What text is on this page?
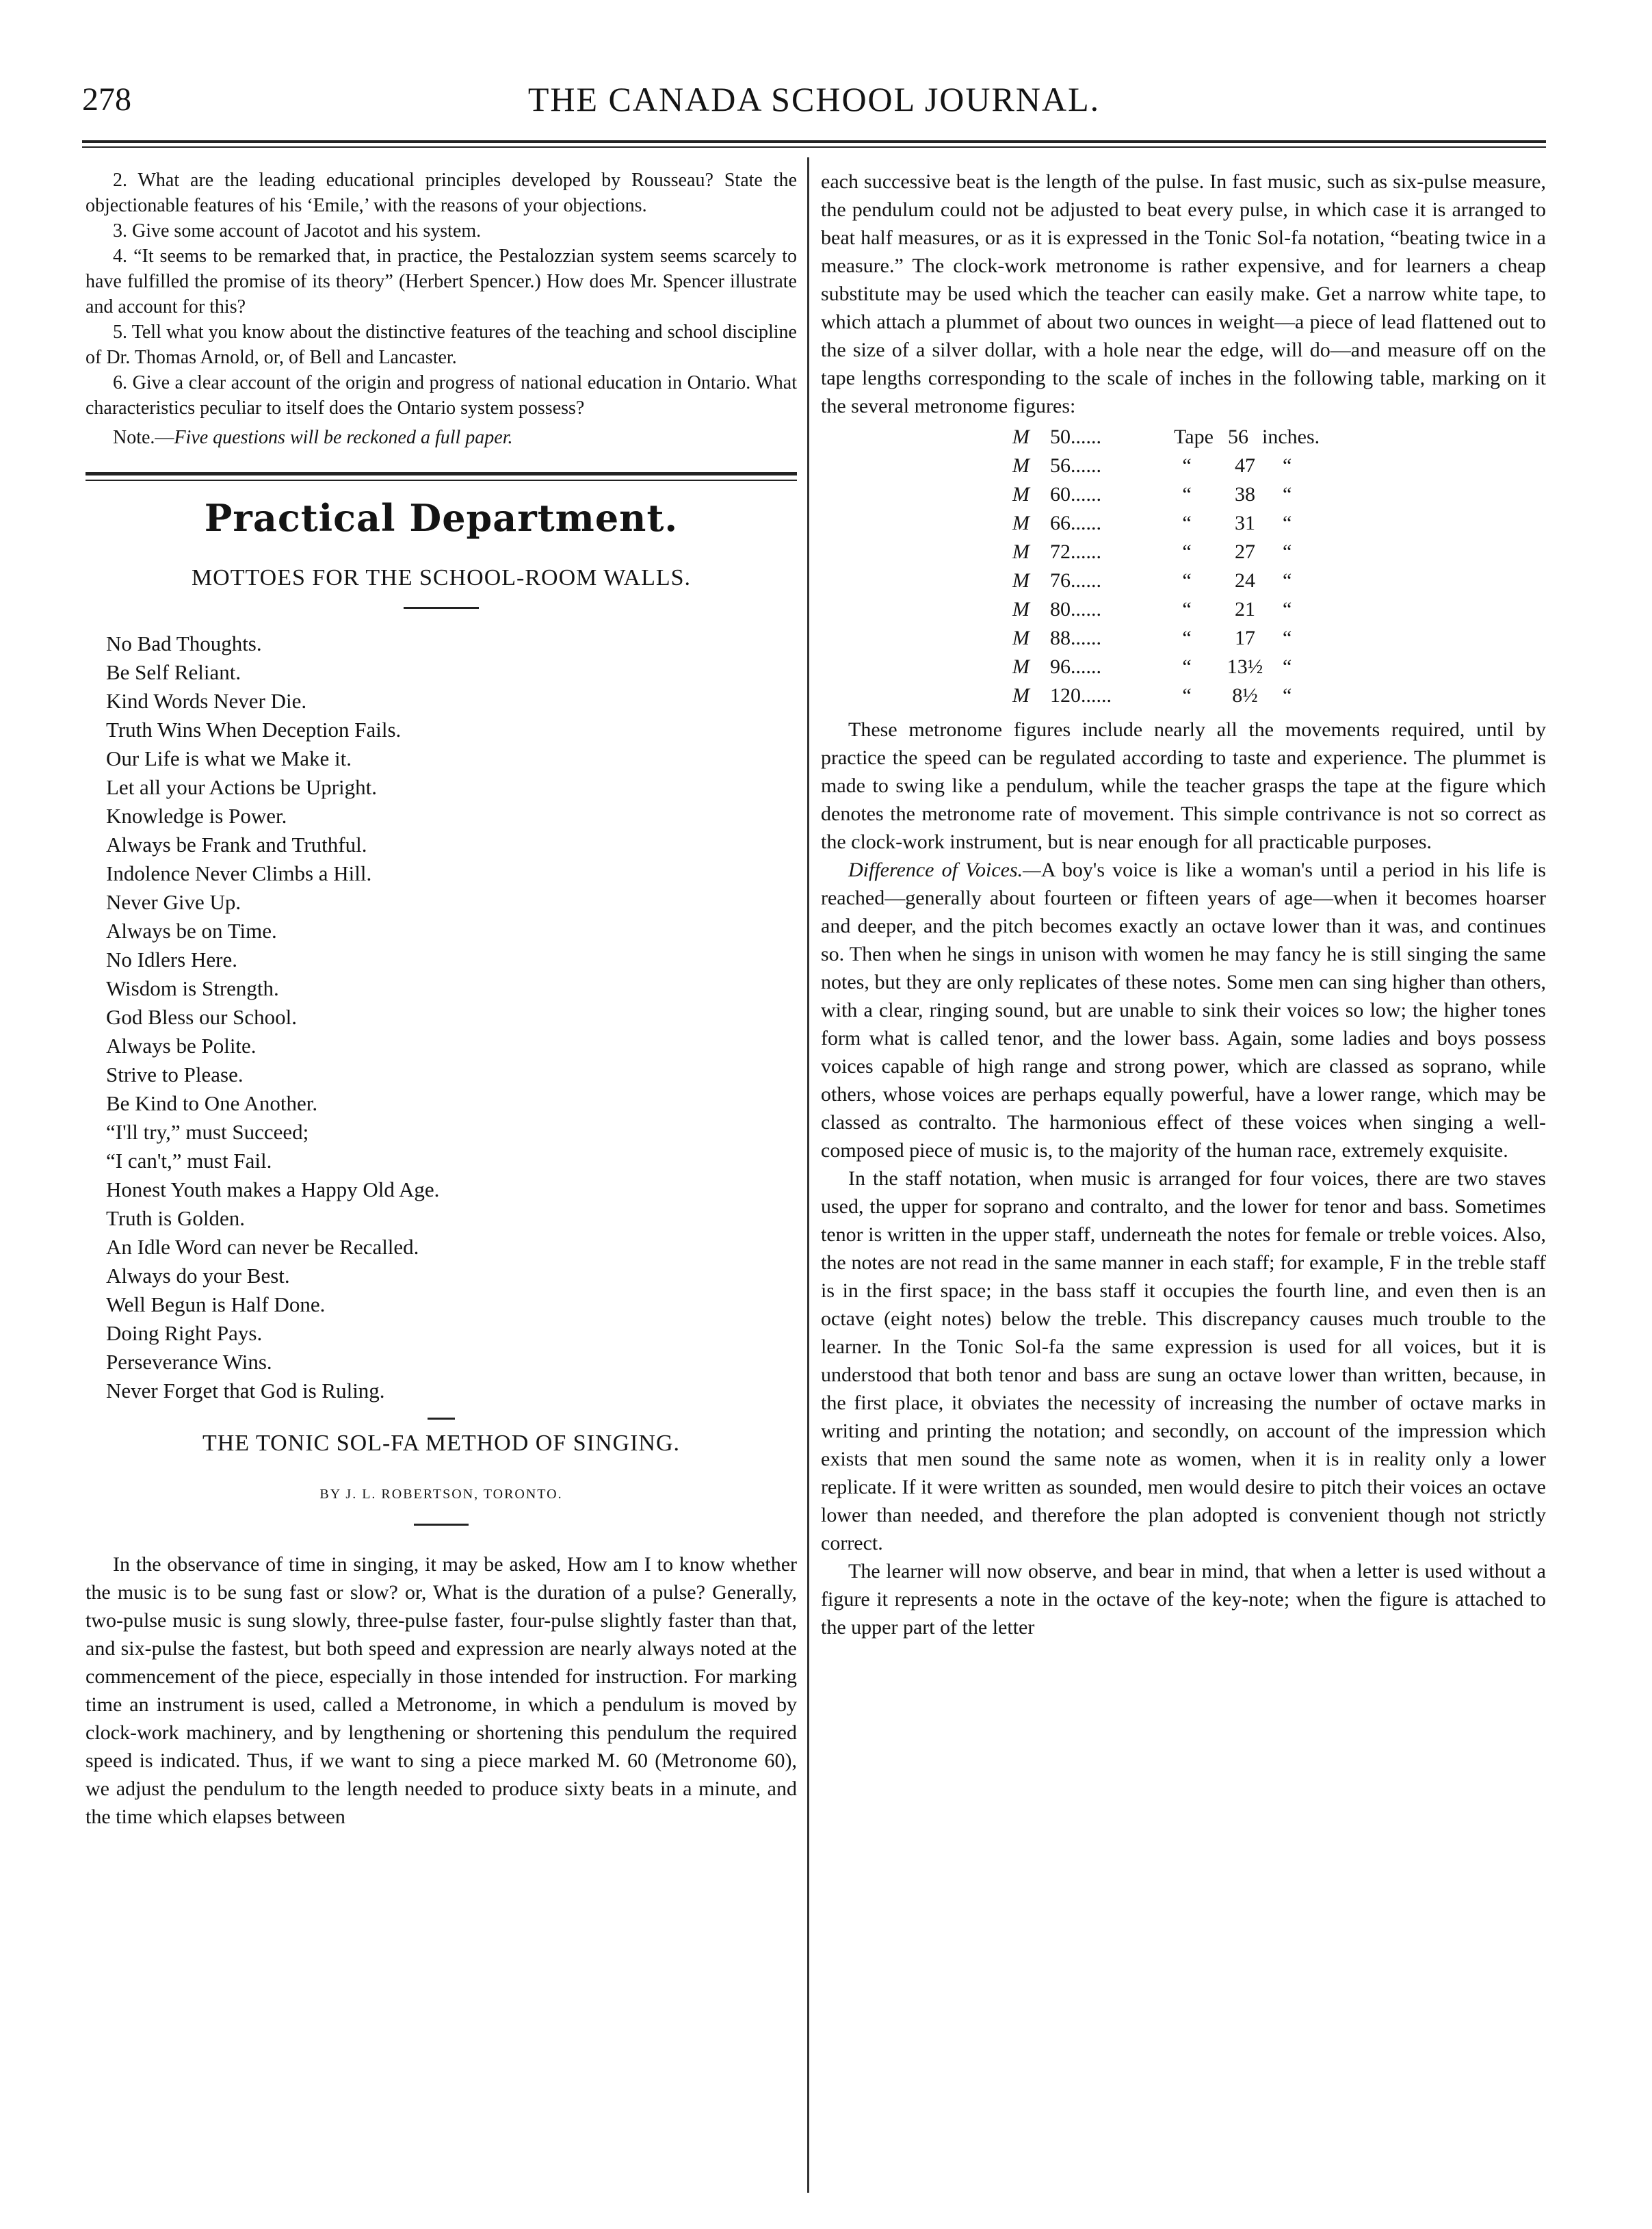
278	THE CANADA SCHOOL JOURNAL.

2. What are the leading educational principles developed by Rousseau? State the objectionable features of his ‘Emile,’ with the reasons of your objections.

3. Give some account of Jacotot and his system.

4. “It seems to be remarked that, in practice, the Pestalozzian system seems scarcely to have fulfilled the promise of its theory” (Herbert Spencer.) How does Mr. Spencer illustrate and account for this?

5. Tell what you know about the distinctive features of the teaching and school discipline of Dr. Thomas Arnold, or, of Bell and Lancaster.

6. Give a clear account of the origin and progress of national education in Ontario. What characteristics peculiar to itself does the Ontario system possess?

Note.—Five questions will be reckoned a full paper.

Practical Department.
MOTTOES FOR THE SCHOOL-ROOM WALLS.
No Bad Thoughts.
Be Self Reliant.
Kind Words Never Die.
Truth Wins When Deception Fails.
Our Life is what we Make it.
Let all your Actions be Upright.
Knowledge is Power.
Always be Frank and Truthful.
Indolence Never Climbs a Hill.
Never Give Up.
Always be on Time.
No Idlers Here.
Wisdom is Strength.
God Bless our School.
Always be Polite.
Strive to Please.
Be Kind to One Another.
“I'll try,” must Succeed;
“I can't,” must Fail.
Honest Youth makes a Happy Old Age.
Truth is Golden.
An Idle Word can never be Recalled.
Always do your Best.
Well Begun is Half Done.
Doing Right Pays.
Perseverance Wins.
Never Forget that God is Ruling.
THE TONIC SOL-FA METHOD OF SINGING.
BY J. L. ROBERTSON, TORONTO.

In the observance of time in singing, it may be asked, How am I to know whether the music is to be sung fast or slow? or, What is the duration of a pulse? Generally, two-pulse music is sung slowly, three-pulse faster, four-pulse slightly faster than that, and six-pulse the fastest, but both speed and expression are nearly always noted at the commencement of the piece, especially in those intended for instruction. For marking time an instrument is used, called a Metronome, in which a pendulum is moved by clock-work machinery, and by lengthening or shortening this pendulum the required speed is indicated. Thus, if we want to sing a piece marked M. 60 (Metronome 60), we adjust the pendulum to the length needed to produce sixty beats in a minute, and the time which elapses between

each successive beat is the length of the pulse. In fast music, such as six-pulse measure, the pendulum could not be adjusted to beat every pulse, in which case it is arranged to beat half measures, or as it is expressed in the Tonic Sol-fa notation, “beating twice in a measure.” The clock-work metronome is rather expensive, and for learners a cheap substitute may be used which the teacher can easily make. Get a narrow white tape, to which attach a plummet of about two ounces in weight—a piece of lead flattened out to the size of a silver dollar, with a hole near the edge, will do—and measure off on the tape lengths corresponding to the scale of inches in the following table, marking on it the several metronome figures:

M	50......	Tape 56 inches.
M	56......	“	47	“
M	60......	“	38	“
M	66......	“	31	“
M	72......	“	27	“
M	76......	“	24	“
M	80......	“	21	“
M	88......	“	17	“
M	96......	“	13½ “
M	120......	“	8½	“

These metronome figures include nearly all the movements required, until by practice the speed can be regulated according to taste and experience. The plummet is made to swing like a pendulum, while the teacher grasps the tape at the figure which denotes the metronome rate of movement. This simple contrivance is not so correct as the clock-work instrument, but is near enough for all practicable purposes.

Difference of Voices.—A boy's voice is like a woman's until a period in his life is reached—generally about fourteen or fifteen years of age—when it becomes hoarser and deeper, and the pitch becomes exactly an octave lower than it was, and continues so. Then when he sings in unison with women he may fancy he is still singing the same notes, but they are only replicates of these notes. Some men can sing higher than others, with a clear, ringing sound, but are unable to sink their voices so low; the higher tones form what is called tenor, and the lower bass. Again, some ladies and boys possess voices capable of high range and strong power, which are classed as soprano, while others, whose voices are perhaps equally powerful, have a lower range, which may be classed as contralto. The harmonious effect of these voices when singing a well-composed piece of music is, to the majority of the human race, extremely exquisite.

In the staff notation, when music is arranged for four voices, there are two staves used, the upper for soprano and contralto, and the lower for tenor and bass. Sometimes tenor is written in the upper staff, underneath the notes for female or treble voices. Also, the notes are not read in the same manner in each staff; for example, F in the treble staff is in the first space; in the bass staff it occupies the fourth line, and even then is an octave (eight notes) below the treble. This discrepancy causes much trouble to the learner. In the Tonic Sol-fa the same expression is used for all voices, but it is understood that both tenor and bass are sung an octave lower than written, because, in the first place, it obviates the necessity of increasing the number of octave marks in writing and printing the notation; and secondly, on account of the impression which exists that men sound the same note as women, when it is in reality only a lower replicate. If it were written as sounded, men would desire to pitch their voices an octave lower than needed, and therefore the plan adopted is convenient though not strictly correct.

The learner will now observe, and bear in mind, that when a letter is used without a figure it represents a note in the octave of the key-note; when the figure is attached to the upper part of the letter
